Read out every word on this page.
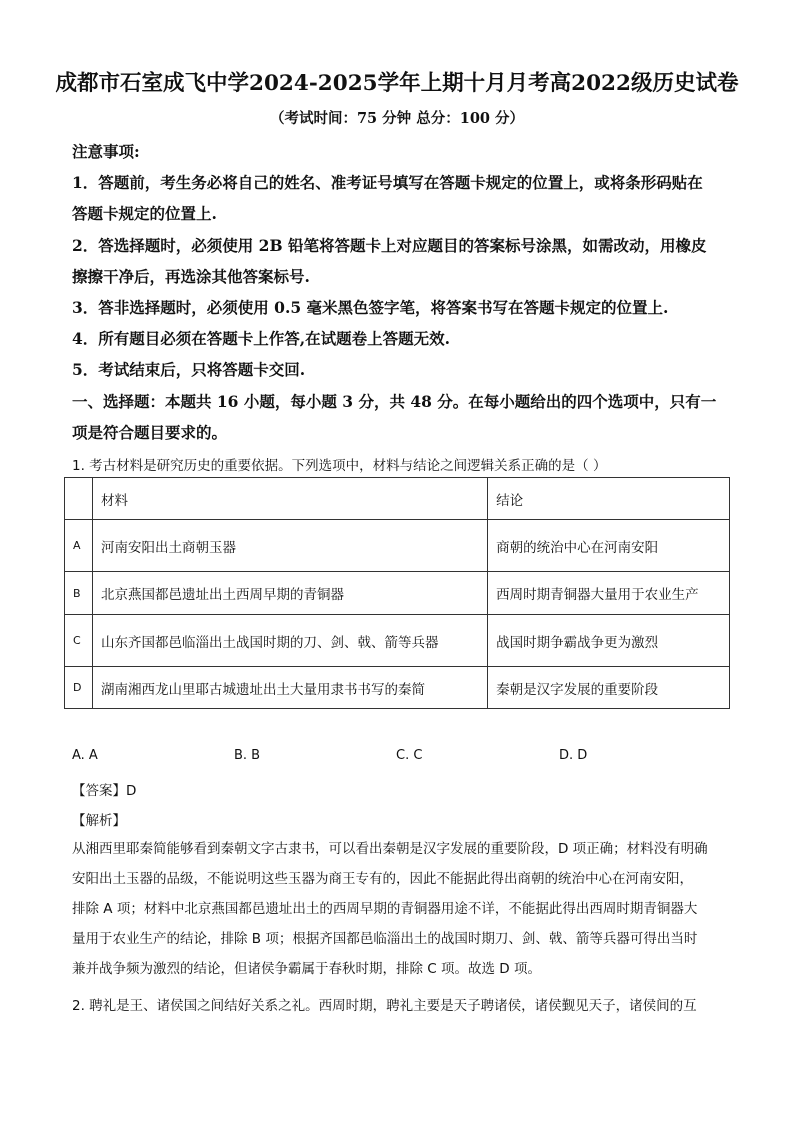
成都市石室成飞中学2024-2025学年上期十月月考高2022级历史试卷
（考试时间：75 分钟 总分：100 分）
注意事项:
1．答题前，考生务必将自己的姓名、准考证号填写在答题卡规定的位置上，或将条形码贴在
答题卡规定的位置上.
2．答选择题时，必须使用 2B 铅笔将答题卡上对应题目的答案标号涂黑，如需改动，用橡皮
擦擦干净后，再选涂其他答案标号.
3．答非选择题时，必须使用 0.5 毫米黑色签字笔，将答案书写在答题卡规定的位置上.
4．所有题目必须在答题卡上作答,在试题卷上答题无效.
5．考试结束后，只将答题卡交回.
一、选择题：本题共 16 小题，每小题 3 分，共 48 分。在每小题给出的四个选项中，只有一
项是符合题目要求的。
1. 考古材料是研究历史的重要依据。下列选项中，材料与结论之间逻辑关系正确的是（ ）
	材料	结论
A	河南安阳出土商朝玉器	商朝的统治中心在河南安阳
B	北京燕国都邑遗址出土西周早期的青铜器	西周时期青铜器大量用于农业生产
C	山东齐国都邑临淄出土战国时期的刀、剑、戟、箭等兵器	战国时期争霸战争更为激烈
D	湖南湘西龙山里耶古城遗址出土大量用隶书书写的秦简	秦朝是汉字发展的重要阶段
A. A	B. B	C. C	D. D
【答案】D
【解析】
从湘西里耶秦简能够看到秦朝文字古隶书，可以看出秦朝是汉字发展的重要阶段，D 项正确；材料没有明确
安阳出土玉器的品级，不能说明这些玉器为商王专有的，因此不能据此得出商朝的统治中心在河南安阳，
排除 A 项；材料中北京燕国都邑遗址出土的西周早期的青铜器用途不详，不能据此得出西周时期青铜器大
量用于农业生产的结论，排除 B 项；根据齐国都邑临淄出土的战国时期刀、剑、戟、箭等兵器可得出当时
兼并战争频为激烈的结论，但诸侯争霸属于春秋时期，排除 C 项。故选 D 项。
2. 聘礼是王、诸侯国之间结好关系之礼。西周时期，聘礼主要是天子聘诸侯，诸侯觐见天子，诸侯间的互
